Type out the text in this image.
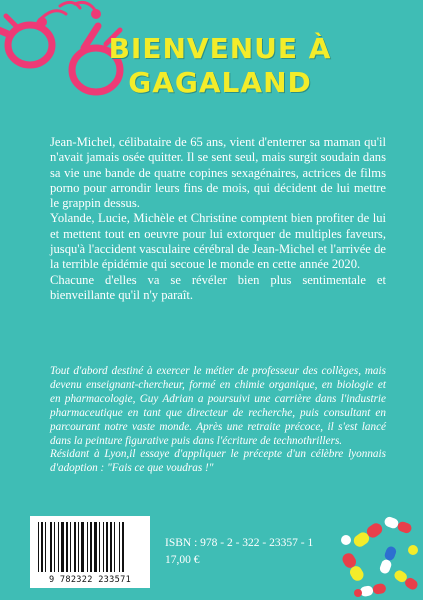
BIENVENUE À
GAGALAND

Jean-Michel, célibataire de 65 ans, vient d'enterrer sa maman qu'il n'avait jamais osée quitter. Il se sent seul, mais surgit soudain dans sa vie une bande de quatre copines sexagénaires, actrices de films porno pour arrondir leurs fins de mois, qui décident de lui mettre le grappin dessus.

Yolande, Lucie, Michèle et Christine comptent bien profiter de lui et mettent tout en oeuvre pour lui extorquer de multiples faveurs, jusqu'à l'accident vasculaire cérébral de Jean-Michel et l'arrivée de la terrible épidémie qui secoue le monde en cette année 2020.

Chacune d'elles va se révéler bien plus sentimentale et bienveillante qu'il n'y paraît.

Tout d'abord destiné à exercer le métier de professeur des collèges, mais devenu enseignant-chercheur, formé en chimie organique, en biologie et en pharmacologie, Guy Adrian a poursuivi une carrière dans l'industrie pharmaceutique en tant que directeur de recherche, puis consultant en parcourant notre vaste monde. Après une retraite précoce, il s'est lancé dans la peinture figurative puis dans l'écriture de technothrillers.

Résidant à Lyon,il essaye d'appliquer le précepte d'un célèbre lyonnais d'adoption : "Fais ce que voudras !"

9 782322 233571
ISBN : 978 - 2 - 322 - 23357 - 1
17,00 €
